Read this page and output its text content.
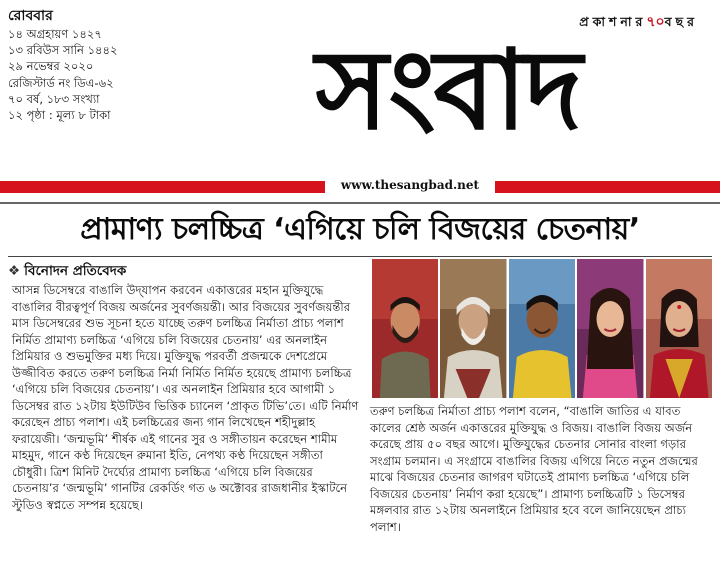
রোববার
১৪ অগ্রহায়ণ ১৪২৭
১৩ রবিউস সানি ১৪৪২
২৯ নভেম্বর ২০২০
রেজিস্টার্ড নং ডিএ-৬২
৭০ বর্ষ, ১৮৩ সংখ্যা
১২ পৃষ্ঠা : মূল্য ৮ টাকা
প্রকাশনার৭০বছর
সংবাদ
www.thesangbad.net
প্রামাণ্য চলচ্চিত্র ‘এগিয়ে চলি বিজয়ের চেতনায়’
❖ বিনোদন প্রতিবেদক

আসন্ন ডিসেম্বরে বাঙালি উদ্‌যাপন করবেন একাত্তরের মহান মুক্তিযুদ্ধে বাঙালির বীরত্বপূর্ণ বিজয় অর্জনের সুবর্ণজয়ন্তী। আর বিজয়ের সুবর্ণজয়ন্তীর মাস ডিসেম্বরের শুভ সূচনা হতে যাচ্ছে তরুণ চলচ্চিত্র নির্মাতা প্রাচ্য পলাশ নির্মিত প্রামাণ্য চলচ্চিত্র ‘এগিয়ে চলি বিজয়ের চেতনায়’ এর অনলাইন প্রিমিয়ার ও শুভমুক্তির মধ্য দিয়ে। মুক্তিযুদ্ধ পরবর্তী প্রজন্মকে দেশপ্রেমে উজ্জীবিত করতে তরুণ চলচ্চিত্র নির্মা নির্মিত নির্মিত হয়েছে প্রামাণ্য চলচ্চিত্র ‘এগিয়ে চলি বিজয়ের চেতনায়’। এর অনলাইন প্রিমিয়ার হবে আগামী ১ ডিসেম্বর রাত ১২টায় ইউটিউব ভিত্তিক চ্যানেল ‘প্রাকৃত টিভি’তে। এটি নির্মাণ করেছেন প্রাচ্য পলাশ। এই চলচ্চিত্রের জন্য গান লিখেছেন শহীদুল্লাহ ফরায়েজী। ‘জন্মভূমি’ শীর্ষক এই গানের সুর ও সঙ্গীতায়ন করেছেন শামীম মাহমুদ, গানে কণ্ঠ দিয়েছেন রুমানা ইতি, নেপথ্য কণ্ঠ দিয়েছেন সঙ্গীতা চৌধুরী। ত্রিশ মিনিট দৈর্ঘ্যের প্রামাণ্য চলচ্চিত্র ‘এগিয়ে চলি বিজয়ের চেতনায়’র ‘জন্মভূমি’ গানটির রেকর্ডিং গত ৬ অক্টোবর রাজধানীর ইস্কাটনে স্টুডিও স্বপ্নতে সম্পন্ন হয়েছে।

তরুণ চলচ্চিত্র নির্মাতা প্রাচ্য পলাশ বলেন, “বাঙালি জাতির এ যাবত কালের শ্রেষ্ঠ অর্জন একাত্তরের মুক্তিযুদ্ধ ও বিজয়। বাঙালি বিজয় অর্জন করেছে প্রায় ৫০ বছর আগে। মুক্তিযুদ্ধের চেতনার সোনার বাংলা গড়ার সংগ্রাম চলমান। এ সংগ্রামে বাঙালির বিজয় এগিয়ে নিতে নতুন প্রজন্মের মাঝে বিজয়ের চেতনার জাগরণ ঘটাতেই প্রামাণ্য চলচ্চিত্র ‘এগিয়ে চলি বিজয়ের চেতনায়’ নির্মাণ করা হয়েছে”। প্রামাণ্য চলচ্চিত্রটি ১ ডিসেম্বর মঙ্গলবার রাত ১২টায় অনলাইনে প্রিমিয়ার হবে বলে জানিয়েছেন প্রাচ্য পলাশ।
